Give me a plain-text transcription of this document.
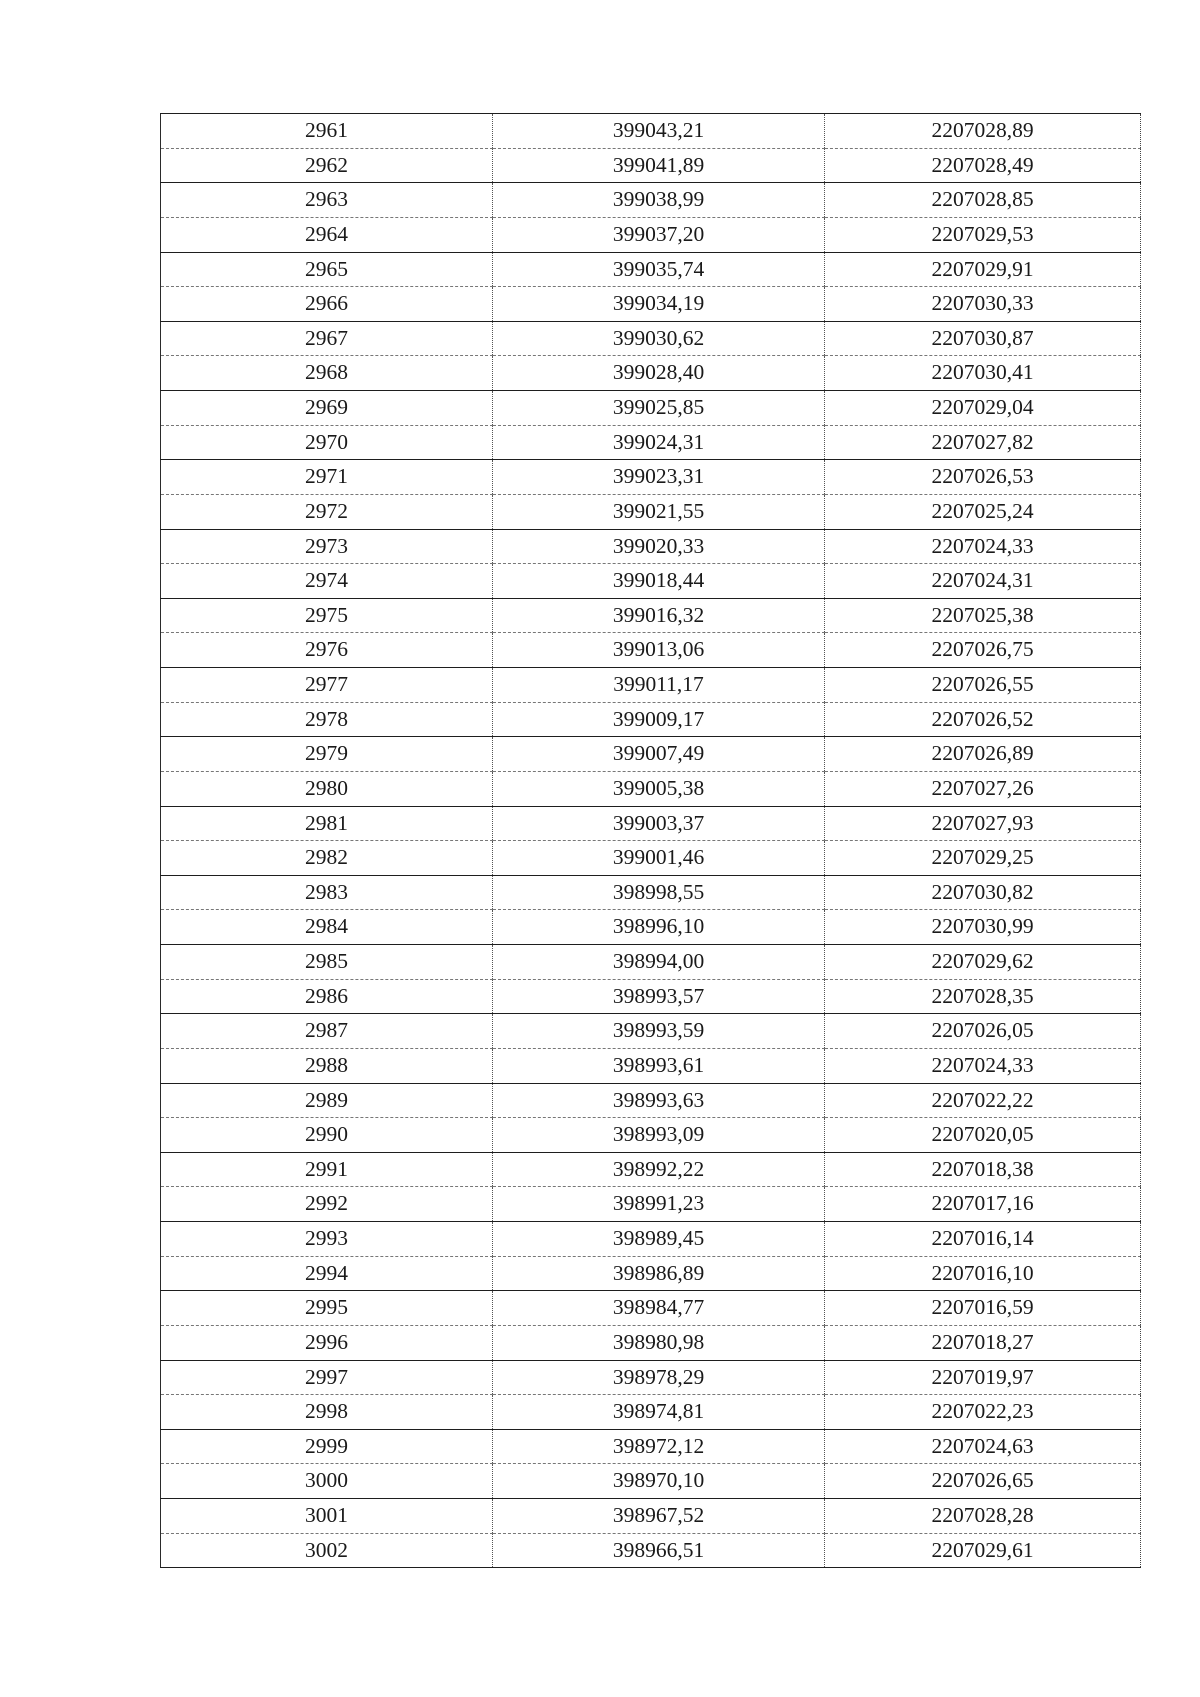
2961	399043,21	2207028,89
2962	399041,89	2207028,49
2963	399038,99	2207028,85
2964	399037,20	2207029,53
2965	399035,74	2207029,91
2966	399034,19	2207030,33
2967	399030,62	2207030,87
2968	399028,40	2207030,41
2969	399025,85	2207029,04
2970	399024,31	2207027,82
2971	399023,31	2207026,53
2972	399021,55	2207025,24
2973	399020,33	2207024,33
2974	399018,44	2207024,31
2975	399016,32	2207025,38
2976	399013,06	2207026,75
2977	399011,17	2207026,55
2978	399009,17	2207026,52
2979	399007,49	2207026,89
2980	399005,38	2207027,26
2981	399003,37	2207027,93
2982	399001,46	2207029,25
2983	398998,55	2207030,82
2984	398996,10	2207030,99
2985	398994,00	2207029,62
2986	398993,57	2207028,35
2987	398993,59	2207026,05
2988	398993,61	2207024,33
2989	398993,63	2207022,22
2990	398993,09	2207020,05
2991	398992,22	2207018,38
2992	398991,23	2207017,16
2993	398989,45	2207016,14
2994	398986,89	2207016,10
2995	398984,77	2207016,59
2996	398980,98	2207018,27
2997	398978,29	2207019,97
2998	398974,81	2207022,23
2999	398972,12	2207024,63
3000	398970,10	2207026,65
3001	398967,52	2207028,28
3002	398966,51	2207029,61
